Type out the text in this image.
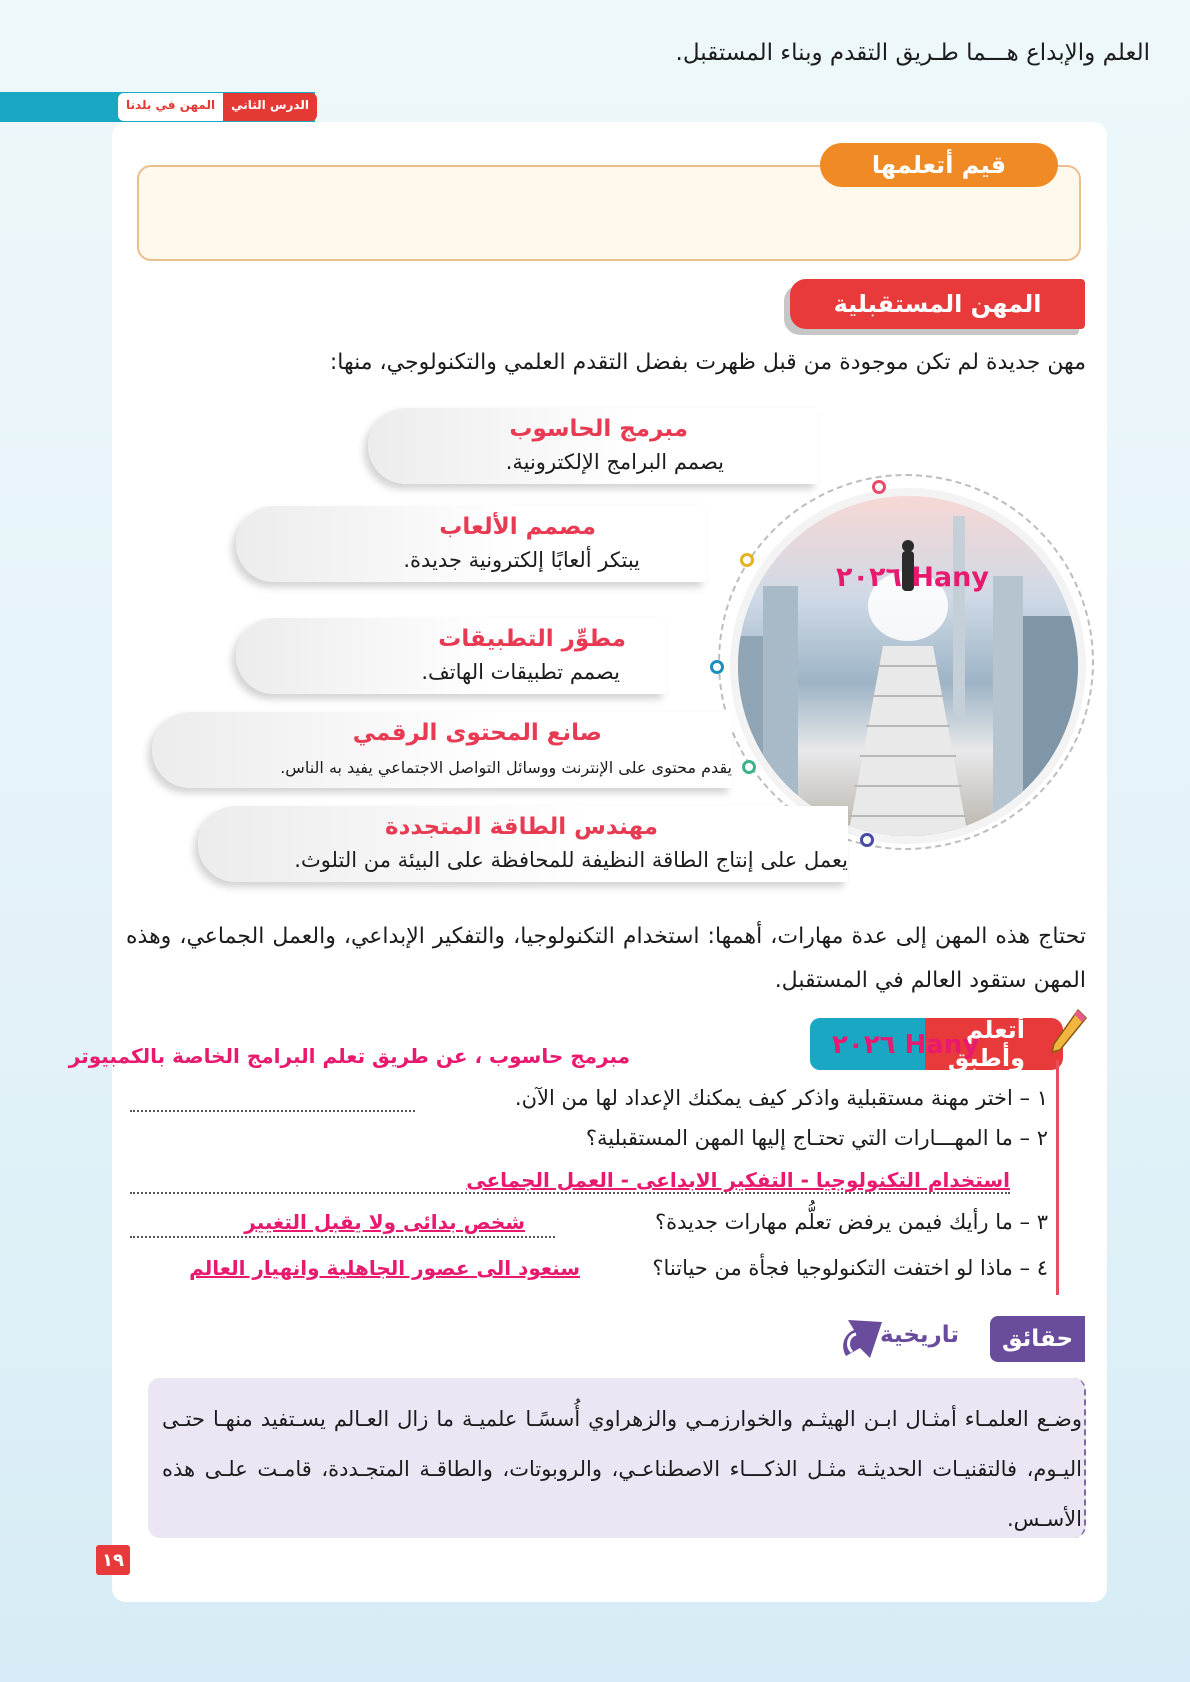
الدرس الثاني
المهن في بلدنا
العلم والإبداع هـــما طـريق التقدم وبناء المستقبل.
قيم أتعلمها
المهن المستقبلية
مهن جديدة لم تكن موجودة من قبل ظهرت بفضل التقدم العلمي والتكنولوجي، منها:
Hany ٢٠٢٦
مبرمج الحاسوب
يصمم البرامج الإلكترونية.
مصمم الألعاب
يبتكر ألعابًا إلكترونية جديدة.
مطوِّر التطبيقات
يصمم تطبيقات الهاتف.
صانع المحتوى الرقمي
يقدم محتوى على الإنترنت ووسائل التواصل الاجتماعي يفيد به الناس.
مهندس الطاقة المتجددة
يعمل على إنتاج الطاقة النظيفة للمحافظة على البيئة من التلوث.
تحتاج هذه المهن إلى عدة مهارات، أهمها: استخدام التكنولوجيا، والتفكير الإبداعي، والعمل الجماعي، وهذه المهن ستقود العالم في المستقبل.
أتعلم وأطبق
Hany ٢٠٢٦
مبرمج حاسوب ، عن طريق تعلم البرامج الخاصة بالكمبيوتر
١ – اختر مهنة مستقبلية واذكر كيف يمكنك الإعداد لها من الآن.
٢ – ما المهـــارات التي تحتـاج إليها المهن المستقبلية؟
استخدام التكنولوجيا - التفكير الابداعى - العمل الجماعى
٣ – ما رأيك فيمن يرفض تعلُّم مهارات جديدة؟
شخص بدائى ولا يقبل التغيير
٤ – ماذا لو اختفت التكنولوجيا فجأة من حياتنا؟
سنعود الى عصور الجاهلية وانهيار العالم
حقائق
تاريخية
وضـع العلمـاء أمثـال ابـن الهيثـم والخوارزمـي والزهراوي أُسسًـا علميـة ما زال العـالم يسـتفيد منهـا حتـى اليـوم، فالتقنيـات الحديثـة مثـل الذكـــاء الاصطناعـي، والروبوتات، والطاقـة المتجـددة، قامـت علـى هذه الأسـس.
١٩
